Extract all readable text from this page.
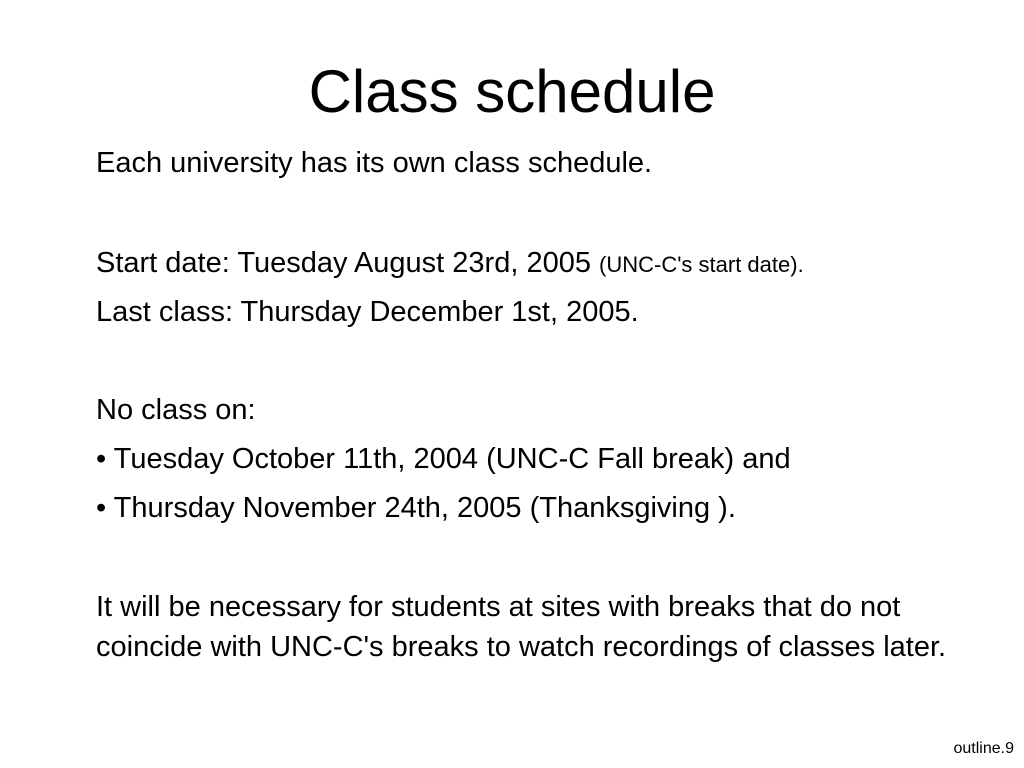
Class schedule

Each university has its own class schedule.

Start date: Tuesday August 23rd, 2005 (UNC-C's start date).

Last class: Thursday December 1st, 2005.

No class on:

• Tuesday October 11th, 2004 (UNC-C Fall break) and

• Thursday November 24th, 2005 (Thanksgiving ).

It will be necessary for students at sites with breaks that do not coincide with UNC-C's breaks to watch recordings of classes later.

outline.9
